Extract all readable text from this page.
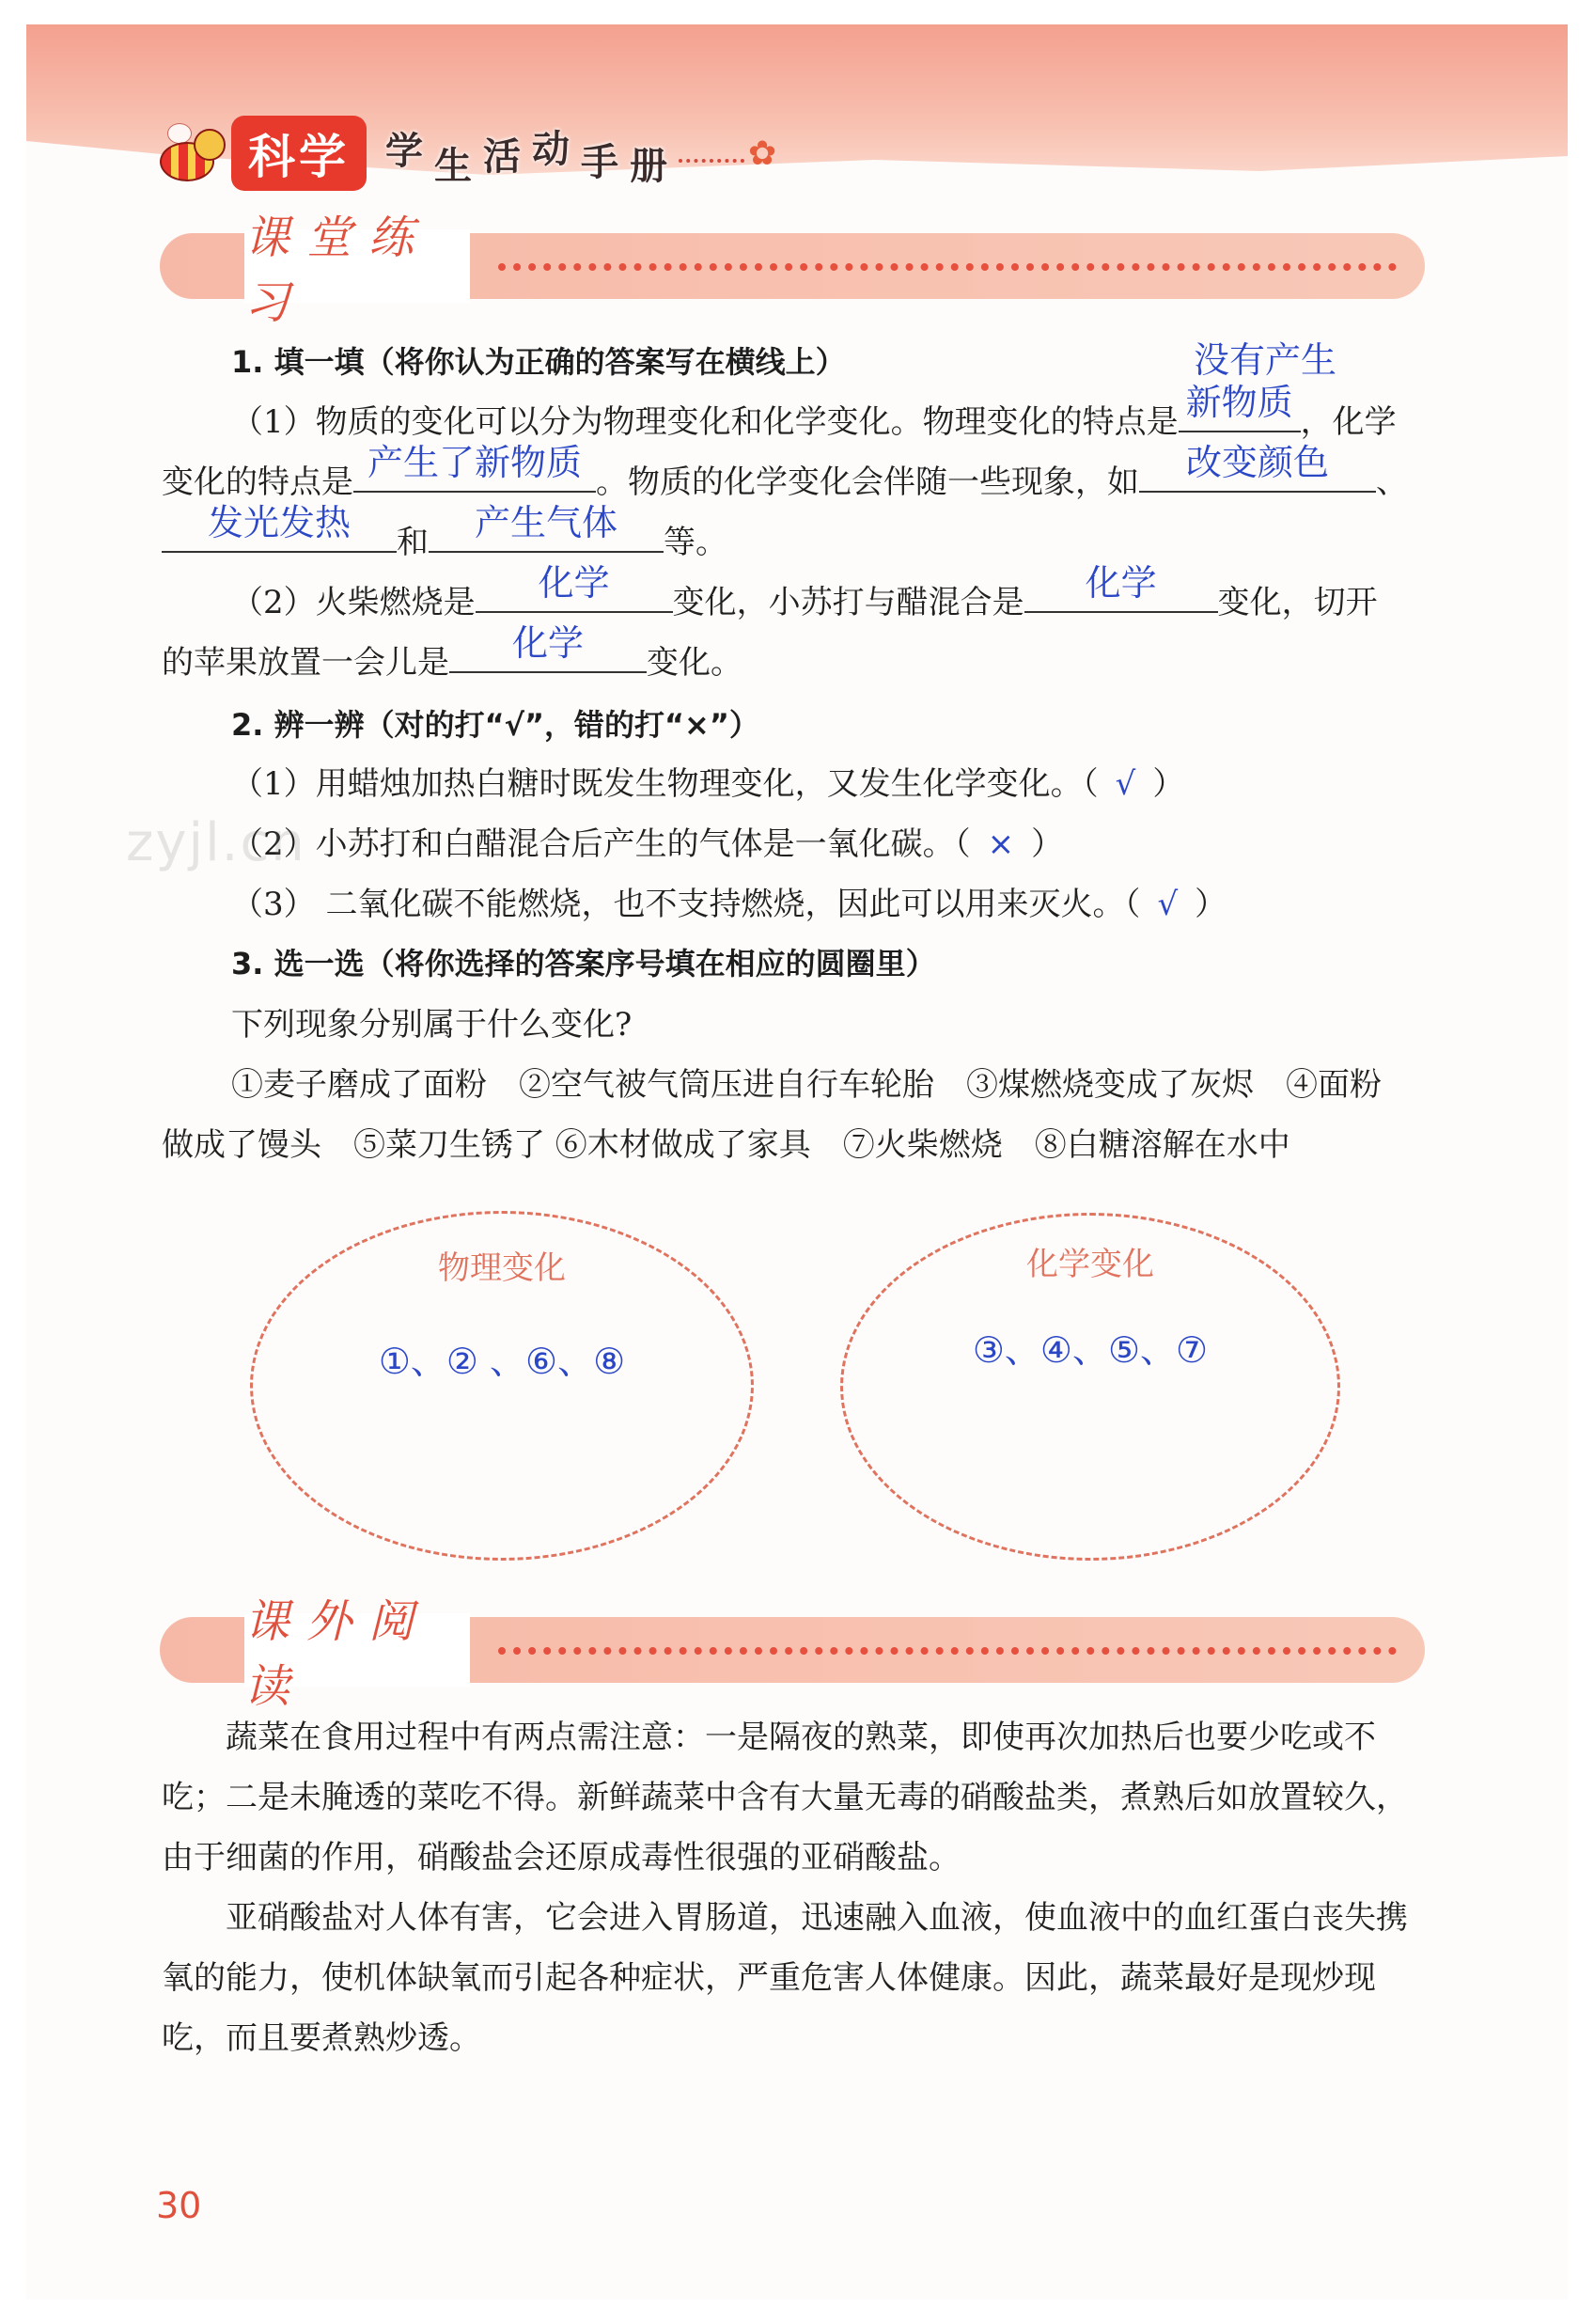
科学 学 生 活 动 手 册 ✿
课堂练习
1. 填一填（将你认为正确的答案写在横线上）	没有产生
（1）物质的变化可以分为物理变化和化学变化。物理变化的特点是 新物质 ，化学
变化的特点是 产生了新物质 。物质的化学变化会伴随一些现象，如	改变颜色	、
发光发热	和	产生气体	等。
（2）火柴燃烧是	化学	变化，小苏打与醋混合是	化学	变化，切开
的苹果放置一会儿是	化学	变化。
2. 辨一辨（对的打“√”，错的打“×”）
（1）用蜡烛加热白糖时既发生物理变化，又发生化学变化。（ √ ）
（2）小苏打和白醋混合后产生的气体是一氧化碳。（ × ）
（3） 二氧化碳不能燃烧，也不支持燃烧，因此可以用来灭火。（ √ ）
zyjl.cn
3. 选一选（将你选择的答案序号填在相应的圆圈里）
下列现象分别属于什么变化?
①麦子磨成了面粉　②空气被气筒压进自行车轮胎　③煤燃烧变成了灰烬　④面粉
做成了馒头　⑤菜刀生锈了 ⑥木材做成了家具　⑦火柴燃烧　⑧白糖溶解在水中
物理变化
①、② 、⑥、⑧
化学变化
③、④、⑤、⑦
课外阅读

蔬菜在食用过程中有两点需注意：一是隔夜的熟菜，即使再次加热后也要少吃或不吃；二是未腌透的菜吃不得。新鲜蔬菜中含有大量无毒的硝酸盐类，煮熟后如放置较久，由于细菌的作用，硝酸盐会还原成毒性很强的亚硝酸盐。

亚硝酸盐对人体有害，它会进入胃肠道，迅速融入血液，使血液中的血红蛋白丧失携氧的能力，使机体缺氧而引起各种症状，严重危害人体健康。因此，蔬菜最好是现炒现吃，而且要煮熟炒透。

30
